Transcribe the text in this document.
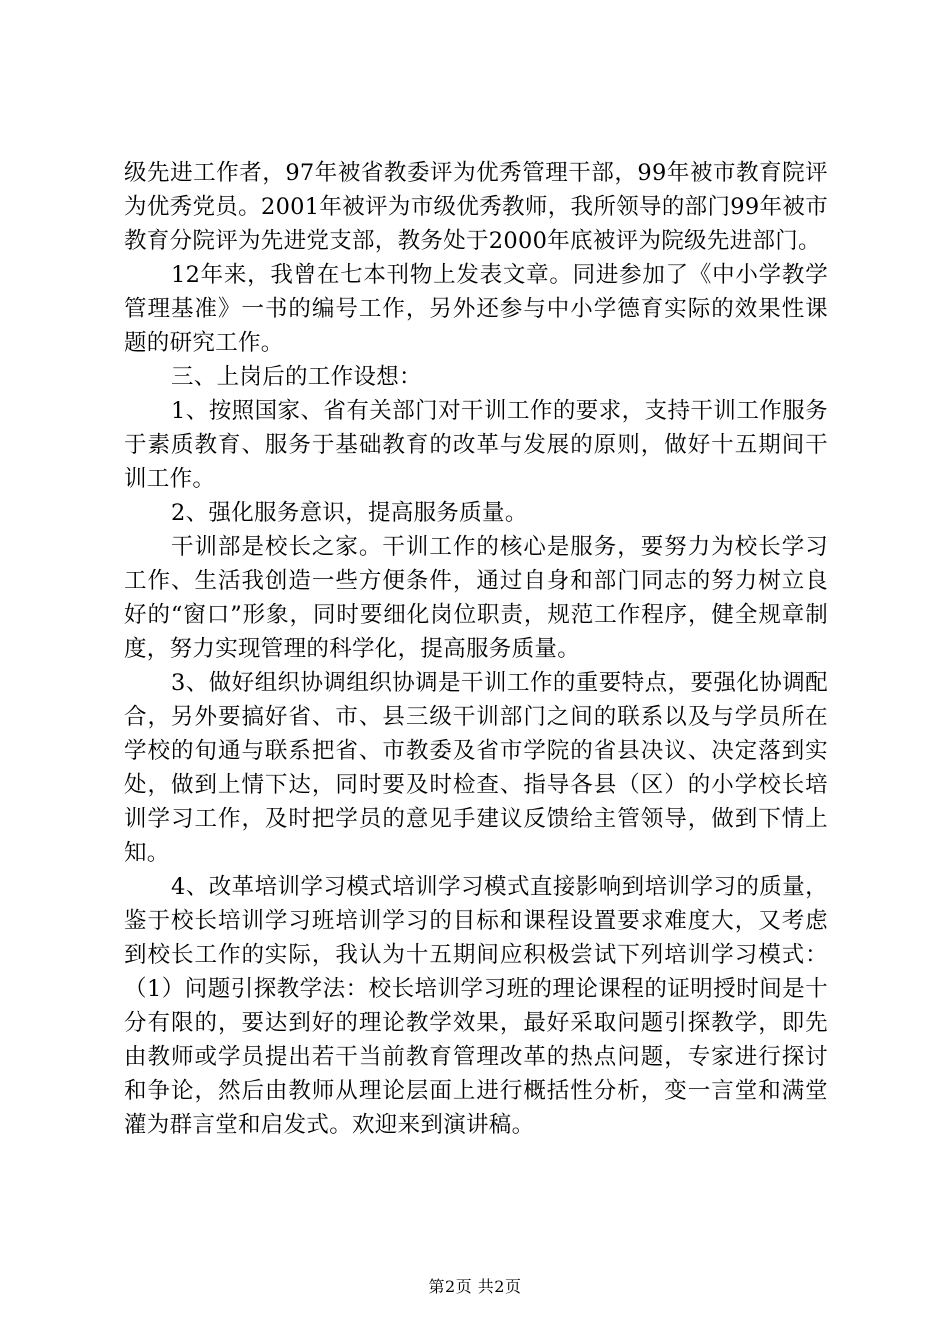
级先进工作者，97年被省教委评为优秀管理干部，99年被市教育院评为优秀党员。2001年被评为市级优秀教师，我所领导的部门99年被市教育分院评为先进党支部，教务处于2000年底被评为院级先进部门。

12年来，我曾在七本刊物上发表文章。同进参加了《中小学教学管理基准》一书的编号工作，另外还参与中小学德育实际的效果性课题的研究工作。

三、上岗后的工作设想：

1、按照国家、省有关部门对干训工作的要求，支持干训工作服务于素质教育、服务于基础教育的改革与发展的原则，做好十五期间干训工作。

2、强化服务意识，提高服务质量。

干训部是校长之家。干训工作的核心是服务，要努力为校长学习工作、生活我创造一些方便条件，通过自身和部门同志的努力树立良好的“窗口”形象，同时要细化岗位职责，规范工作程序，健全规章制度，努力实现管理的科学化，提高服务质量。

3、做好组织协调组织协调是干训工作的重要特点，要强化协调配合，另外要搞好省、市、县三级干训部门之间的联系以及与学员所在学校的旬通与联系把省、市教委及省市学院的省县决议、决定落到实处，做到上情下达，同时要及时检查、指导各县（区）的小学校长培训学习工作，及时把学员的意见手建议反馈给主管领导，做到下情上知。

4、改革培训学习模式培训学习模式直接影响到培训学习的质量，鉴于校长培训学习班培训学习的目标和课程设置要求难度大，又考虑到校长工作的实际，我认为十五期间应积极尝试下列培训学习模式：（1）问题引探教学法：校长培训学习班的理论课程的证明授时间是十分有限的，要达到好的理论教学效果，最好采取问题引探教学，即先由教师或学员提出若干当前教育管理改革的热点问题，专家进行探讨和争论，然后由教师从理论层面上进行概括性分析，变一言堂和满堂灌为群言堂和启发式。欢迎来到演讲稿。

第2页 共2页
